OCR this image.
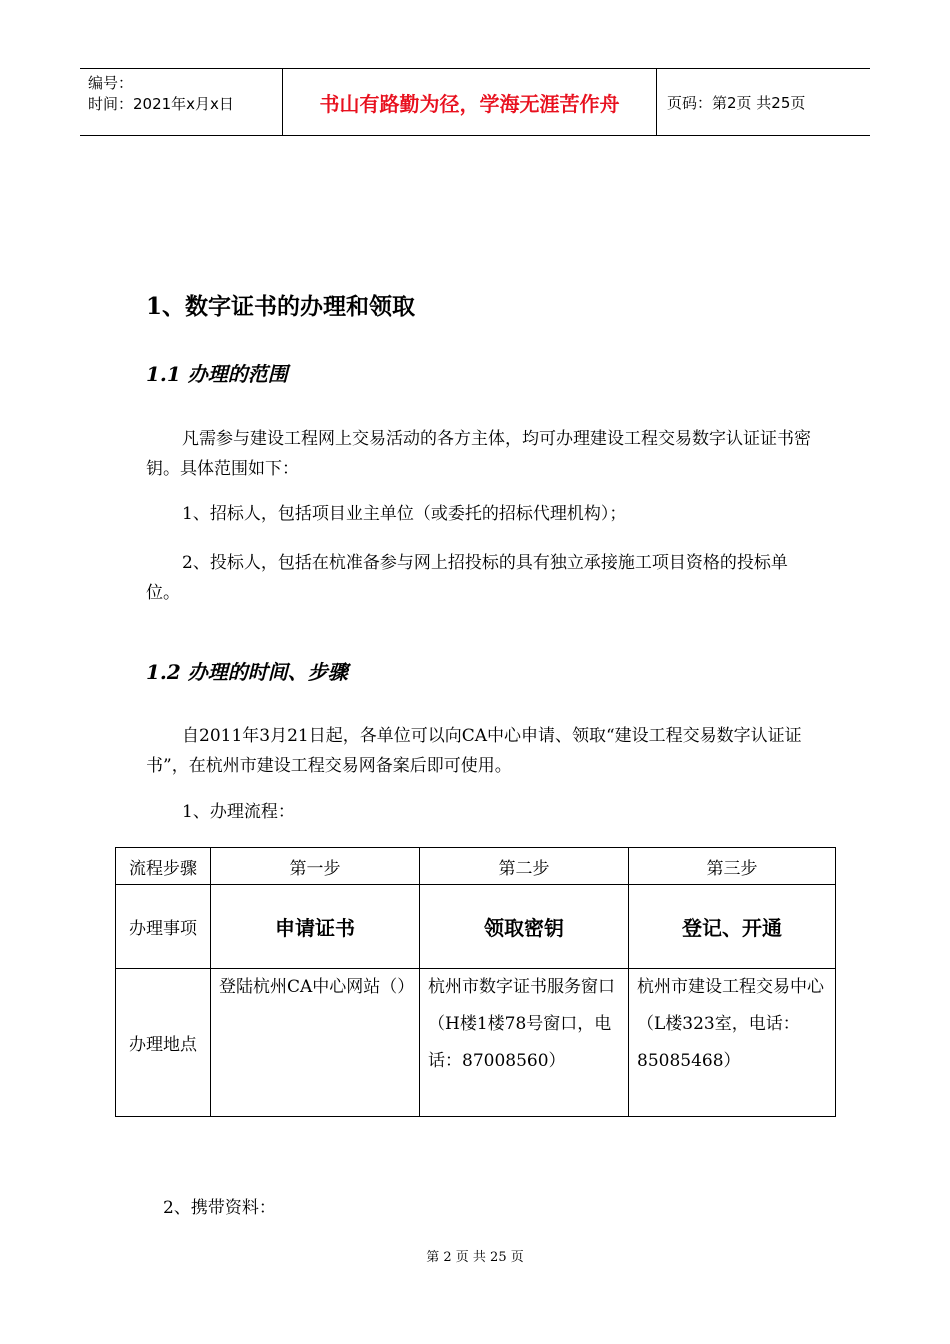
编号：
时间：2021年x月x日	书山有路勤为径，学海无涯苦作舟	页码：第2页 共25页
1、数字证书的办理和领取
1.1 办理的范围
凡需参与建设工程网上交易活动的各方主体，均可办理建设工程交易数字认证证书密钥。具体范围如下：
1、招标人，包括项目业主单位（或委托的招标代理机构）；
2、投标人，包括在杭准备参与网上招投标的具有独立承接施工项目资格的投标单位。
1.2 办理的时间、步骤
自2011年3月21日起，各单位可以向CA中心申请、领取“建设工程交易数字认证证书”，在杭州市建设工程交易网备案后即可使用。
1、办理流程：
流程步骤	第一步	第二步	第三步
办理事项	申请证书	领取密钥	登记、开通
办理地点	登陆杭州CA中心网站（）	杭州市数字证书服务窗口（H楼1楼78号窗口，电话：87008560）	杭州市建设工程交易中心（L楼323室，电话：85085468）
2、携带资料：
第 2 页 共 25 页
